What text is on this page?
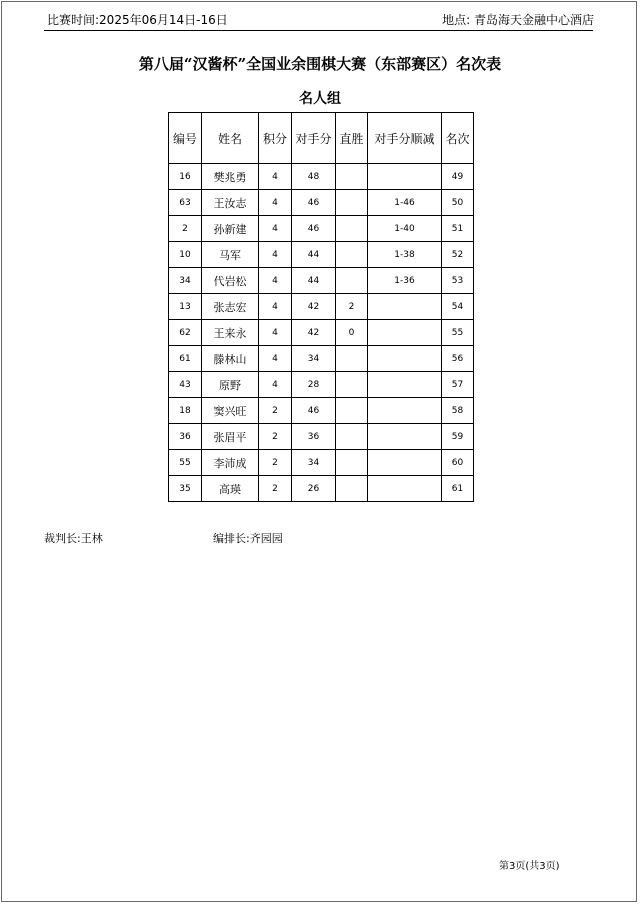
比赛时间:2025年06月14日-16日	地点: 青岛海天金融中心酒店
第八届“汉酱杯”全国业余围棋大赛（东部赛区）名次表
名人组
编号	姓名	积分	对手分	直胜	对手分顺减	名次
16	樊兆勇	4	48			49
63	王汝志	4	46		1-46	50
2	孙新建	4	46		1-40	51
10	马军	4	44		1-38	52
34	代岩松	4	44		1-36	53
13	张志宏	4	42	2		54
62	王来永	4	42	0		55
61	滕林山	4	34			56
43	原野	4	28			57
18	窦兴旺	2	46			58
36	张眉平	2	36			59
55	李沛成	2	34			60
35	高瑛	2	26			61
裁判长:王林	编排长:齐园园
第3页(共3页)
